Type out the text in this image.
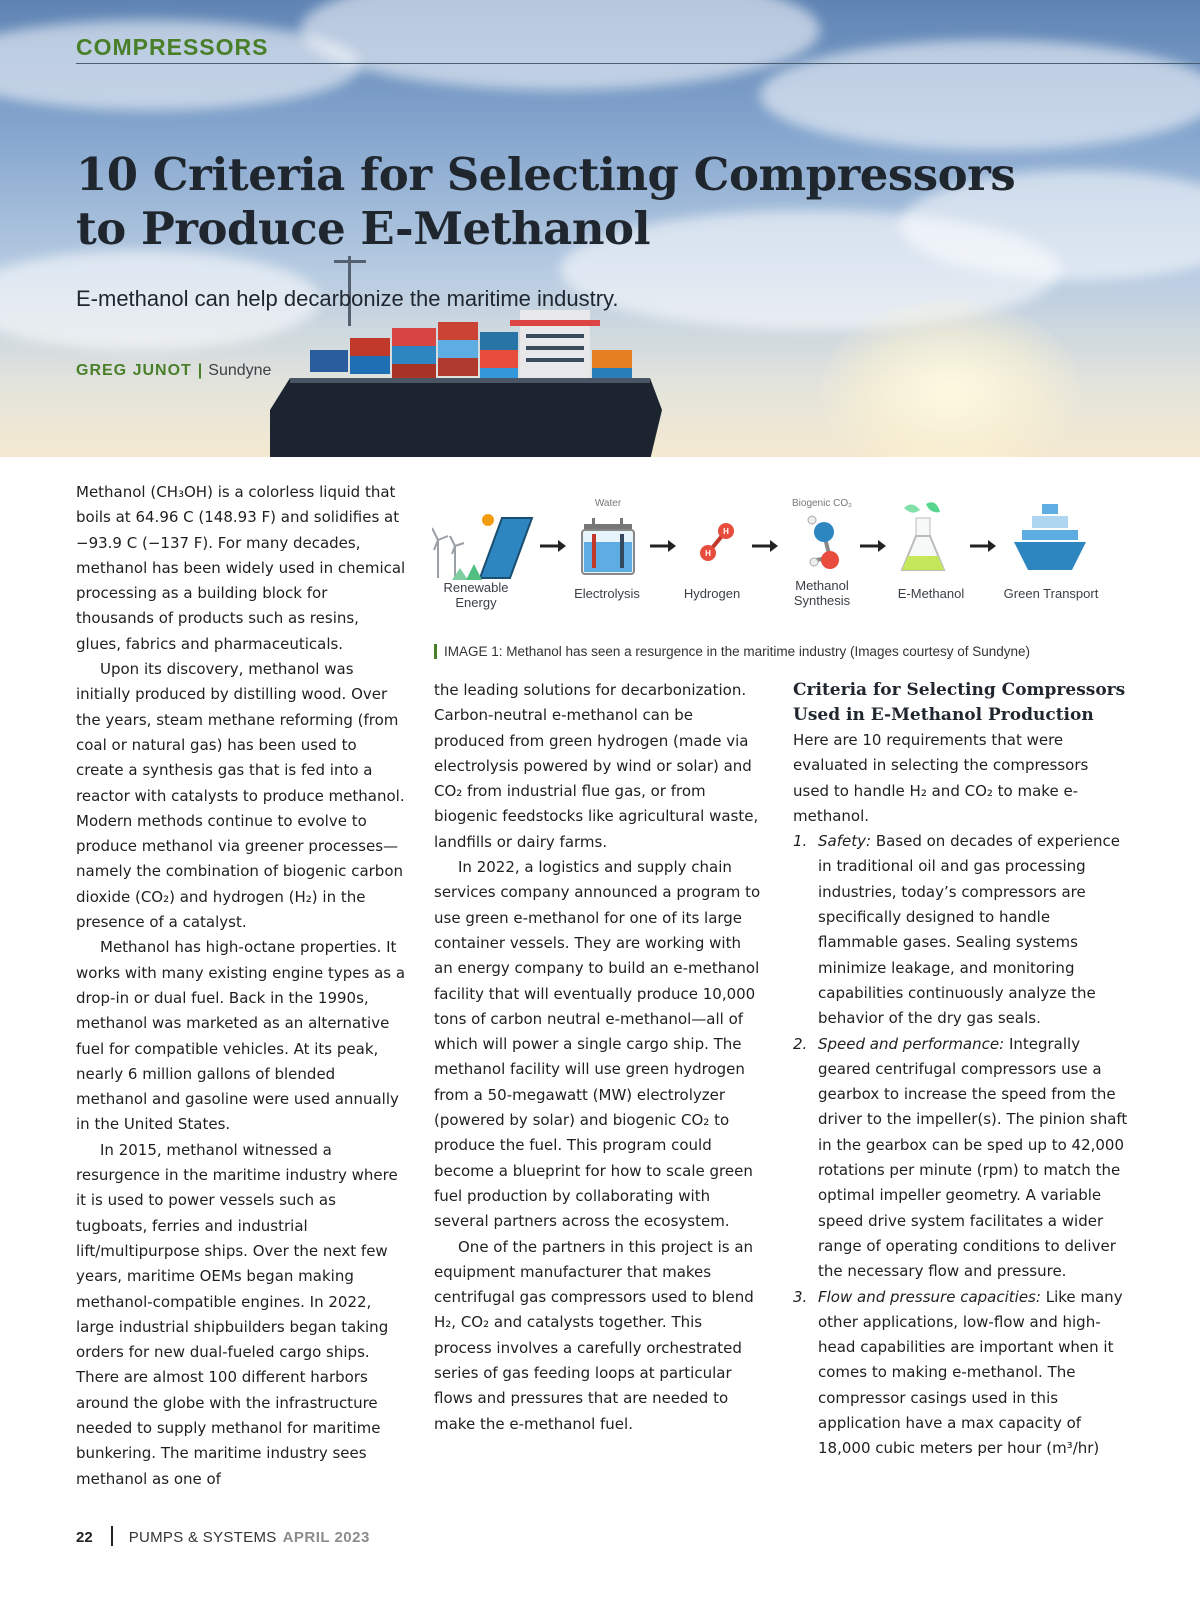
COMPRESSORS
10 Criteria for Selecting Compressors to Produce E-Methanol
E-methanol can help decarbonize the maritime industry.
GREG JUNOT | Sundyne

Methanol (CH₃OH) is a colorless liquid that boils at 64.96 C (148.93 F) and solidifies at −93.9 C (−137 F). For many decades, methanol has been widely used in chemical processing as a building block for thousands of products such as resins, glues, fabrics and pharmaceuticals.

Upon its discovery, methanol was initially produced by distilling wood. Over the years, steam methane reforming (from coal or natural gas) has been used to create a synthesis gas that is fed into a reactor with catalysts to produce methanol. Modern methods continue to evolve to produce methanol via greener processes—namely the combination of biogenic carbon dioxide (CO₂) and hydrogen (H₂) in the presence of a catalyst.

Methanol has high-octane properties. It works with many existing engine types as a drop-in or dual fuel. Back in the 1990s, methanol was marketed as an alternative fuel for compatible vehicles. At its peak, nearly 6 million gallons of blended methanol and gasoline were used annually in the United States.

In 2015, methanol witnessed a resurgence in the maritime industry where it is used to power vessels such as tugboats, ferries and industrial lift/multipurpose ships. Over the next few years, maritime OEMs began making methanol-compatible engines. In 2022, large industrial shipbuilders began taking orders for new dual-fueled cargo ships. There are almost 100 different harbors around the globe with the infrastructure needed to supply methanol for maritime bunkering. The maritime industry sees methanol as one of

H
H
Water	Biogenic CO₂
Renewable Energy
Electrolysis	Hydrogen
Methanol Synthesis	E-Methanol	Green Transport
IMAGE 1: Methanol has seen a resurgence in the maritime industry (Images courtesy of Sundyne)

the leading solutions for decarbonization. Carbon-neutral e-methanol can be produced from green hydrogen (made via electrolysis powered by wind or solar) and CO₂ from industrial flue gas, or from biogenic feedstocks like agricultural waste, landfills or dairy farms.

In 2022, a logistics and supply chain services company announced a program to use green e-methanol for one of its large container vessels. They are working with an energy company to build an e-methanol facility that will eventually produce 10,000 tons of carbon neutral e-methanol—all of which will power a single cargo ship. The methanol facility will use green hydrogen from a 50-megawatt (MW) electrolyzer (powered by solar) and biogenic CO₂ to produce the fuel. This program could become a blueprint for how to scale green fuel production by collaborating with several partners across the ecosystem.

One of the partners in this project is an equipment manufacturer that makes centrifugal gas compressors used to blend H₂, CO₂ and catalysts together. This process involves a carefully orchestrated series of gas feeding loops at particular flows and pressures that are needed to make the e-methanol fuel.

Criteria for Selecting Compressors Used in E-Methanol Production

Here are 10 requirements that were evaluated in selecting the compressors used to handle H₂ and CO₂ to make e-methanol.

1. Safety: Based on decades of experience in traditional oil and gas processing industries, today’s compressors are specifically designed to handle flammable gases. Sealing systems minimize leakage, and monitoring capabilities continuously analyze the behavior of the dry gas seals.
2. Speed and performance: Integrally geared centrifugal compressors use a gearbox to increase the speed from the driver to the impeller(s). The pinion shaft in the gearbox can be sped up to 42,000 rotations per minute (rpm) to match the optimal impeller geometry. A variable speed drive system facilitates a wider range of operating conditions to deliver the necessary flow and pressure.
3. Flow and pressure capacities: Like many other applications, low-flow and high-head capabilities are important when it comes to making e-methanol. The compressor casings used in this application have a max capacity of 18,000 cubic meters per hour (m³/hr)
22 PUMPS & SYSTEMS APRIL 2023
